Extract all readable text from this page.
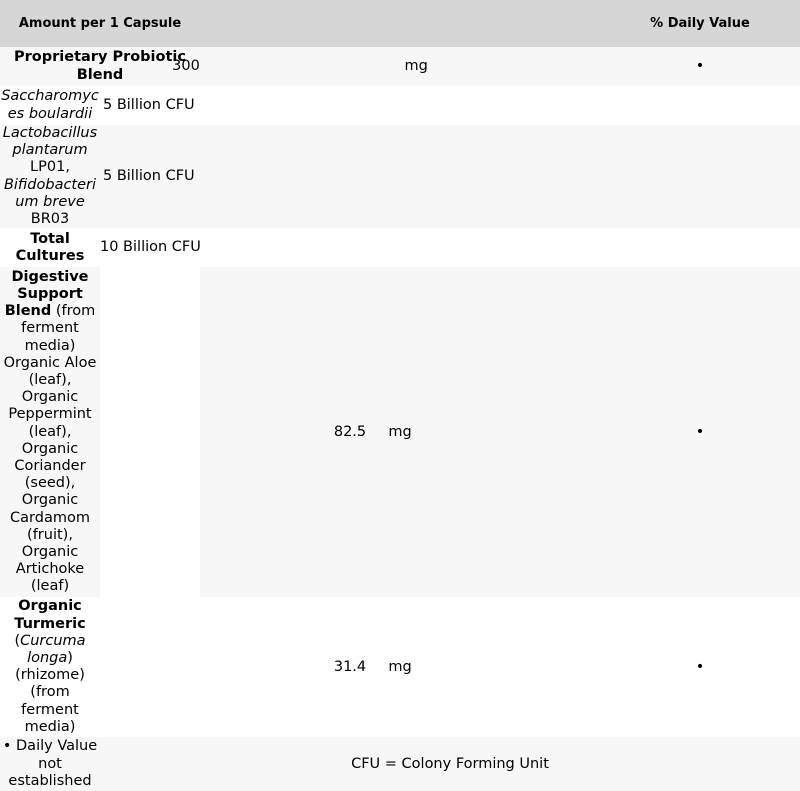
Amount per 1 Capsule		% Daily Value

Proprietary Probiotic Blend	300	mg	•
Saccharomyces boulardii	5 Billion CFU		
Lactobacillus plantarum LP01, Bifidobacterium breve BR03	5 Billion CFU		
Total Cultures	10 Billion CFU		
Digestive Support Blend (from ferment media) Organic Aloe (leaf), Organic Peppermint (leaf), Organic Coriander (seed), Organic Cardamom (fruit), Organic Artichoke (leaf)	82.5	mg	•
Organic Turmeric (Curcuma longa) (rhizome) (from ferment media)	31.4	mg	•
• Daily Value not established	CFU = Colony Forming Unit
